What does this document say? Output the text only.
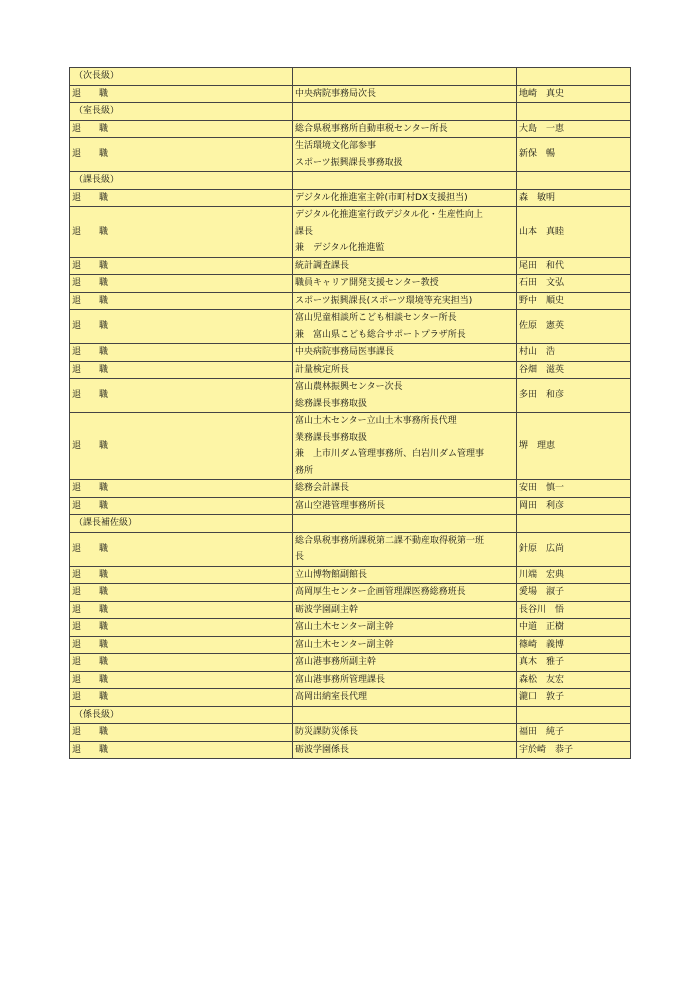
（次長級）		
退　　職	中央病院事務局次長	地崎　真史
（室長級）		
退　　職	総合県税事務所自動車税センター所長	大島　一恵
退　　職	生活環境文化部参事
スポーツ振興課長事務取扱	新保　暢
（課長級）		
退　　職	デジタル化推進室主幹(市町村DX支援担当)	森　敏明
退　　職	デジタル化推進室行政デジタル化・生産性向上
課長
兼　デジタル化推進監	山本　真睦
退　　職	統計調査課長	尾田　和代
退　　職	職員キャリア開発支援センター教授	石田　文弘
退　　職	スポーツ振興課長(スポーツ環境等充実担当)	野中　順史
退　　職	富山児童相談所こども相談センター所長
兼　富山県こども総合サポートプラザ所長	佐原　憲英
退　　職	中央病院事務局医事課長	村山　浩
退　　職	計量検定所長	谷畑　滋英
退　　職	富山農林振興センター次長
総務課長事務取扱	多田　和彦
退　　職	富山土木センター立山土木事務所長代理
業務課長事務取扱
兼　上市川ダム管理事務所、白岩川ダム管理事
務所	堺　理恵
退　　職	総務会計課長	安田　慎一
退　　職	富山空港管理事務所長	岡田　利彦
（課長補佐級）		
退　　職	総合県税事務所課税第二課不動産取得税第一班
長	針原　広尚
退　　職	立山博物館副館長	川端　宏典
退　　職	高岡厚生センター企画管理課医務総務班長	愛場　淑子
退　　職	砺波学園副主幹	長谷川　悟
退　　職	富山土木センター副主幹	中道　正樹
退　　職	富山土木センター副主幹	篠崎　義博
退　　職	富山港事務所副主幹	真木　雅子
退　　職	富山港事務所管理課長	森松　友宏
退　　職	高岡出納室長代理	瀧口　敦子
（係長級）		
退　　職	防災課防災係長	福田　純子
退　　職	砺波学園係長	宇於崎　恭子
